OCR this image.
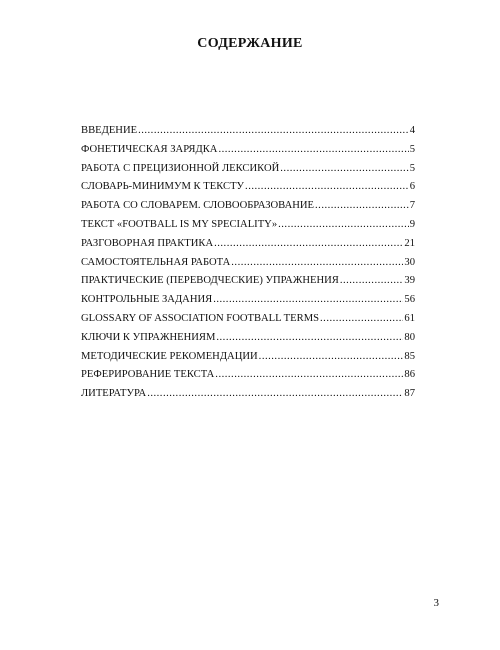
СОДЕРЖАНИЕ
ВВЕДЕНИЕ .....	4
ФОНЕТИЧЕСКАЯ ЗАРЯДКА .....	5
РАБОТА С ПРЕЦИЗИОННОЙ ЛЕКСИКОЙ .....	5
СЛОВАРЬ-МИНИМУМ К ТЕКСТУ .....	6
РАБОТА СО СЛОВАРЕМ. СЛОВООБРАЗОВАНИЕ .....	7
ТЕКСТ «FOOTBALL IS MY SPECIALITY» .....	9
РАЗГОВОРНАЯ ПРАКТИКА .....	21
САМОСТОЯТЕЛЬНАЯ РАБОТА .....	30
ПРАКТИЧЕСКИЕ (ПЕРЕВОДЧЕСКИЕ) УПРАЖНЕНИЯ .....	39
КОНТРОЛЬНЫЕ ЗАДАНИЯ .....	56
GLOSSARY OF ASSOCIATION FOOTBALL TERMS .....	61
КЛЮЧИ К УПРАЖНЕНИЯМ .....	80
МЕТОДИЧЕСКИЕ РЕКОМЕНДАЦИИ .....	85
РЕФЕРИРОВАНИЕ ТЕКСТА .....	86
ЛИТЕРАТУРА .....	87
3
